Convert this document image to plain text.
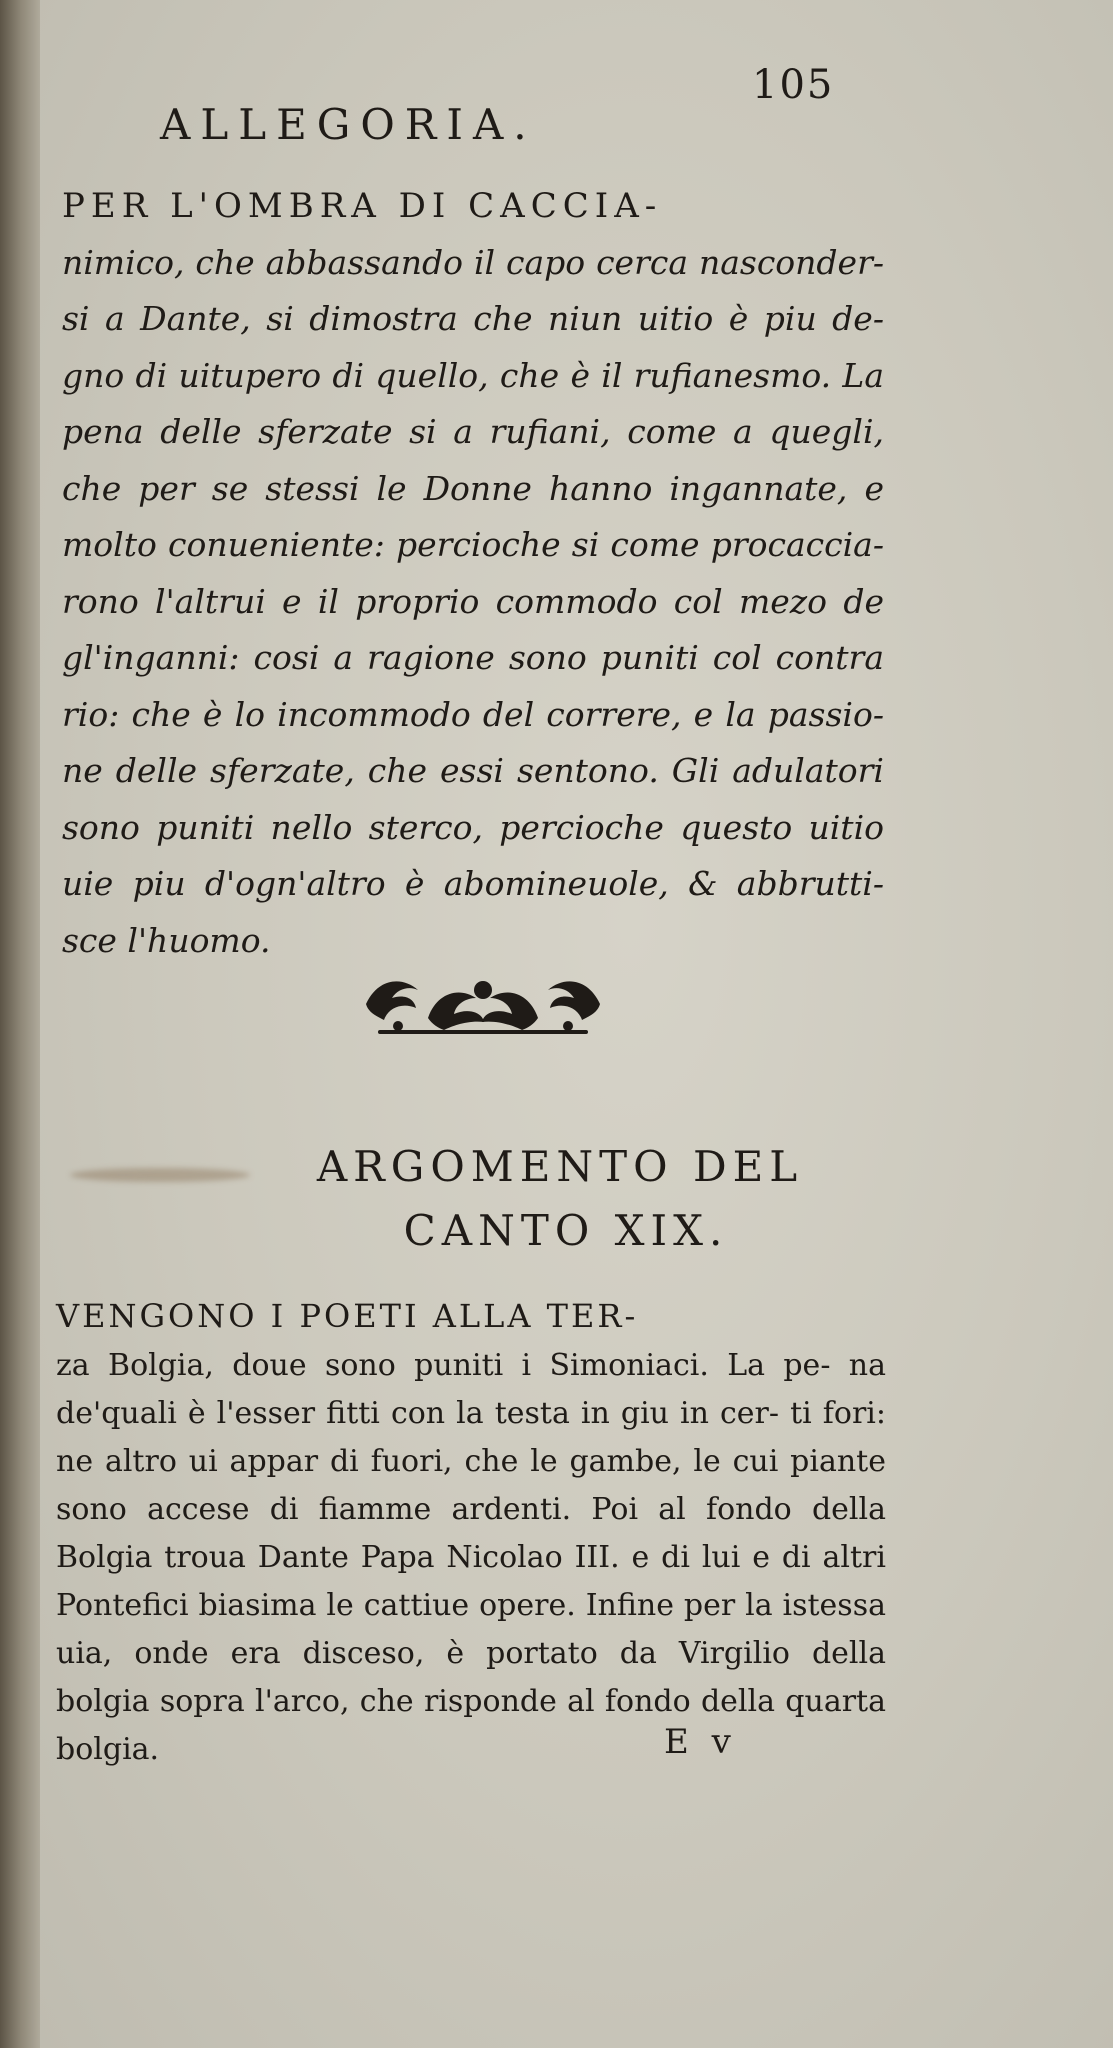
105
ALLEGORIA.

PER L'OMBRA DI CACCIA-
nimico, che abbassando il capo cerca nasconder- si a Dante, si dimostra che niun uitio è piu de- gno di uitupero di quello, che è il rufianesmo. La pena delle sferzate si a rufiani, come a quegli, che per se stessi le Donne hanno ingannate, e molto conueniente: percioche si come procaccia- rono l'altrui e il proprio commodo col mezo de gl'inganni: cosi a ragione sono puniti col contra rio: che è lo incommodo del correre, e la passio- ne delle sferzate, che essi sentono. Gli adulatori sono puniti nello sterco, percioche questo uitio uie piu d'ogn'altro è abomineuole, & abbrutti- sce l'huomo.

ARGOMENTO DEL
CANTO XIX.

VENGONO I POETI ALLA TER-
za Bolgia, doue sono puniti i Simoniaci. La pe- na de'quali è l'esser fitti con la testa in giu in cer- ti fori: ne altro ui appar di fuori, che le gambe, le cui piante sono accese di fiamme ardenti. Poi al fondo della Bolgia troua Dante Papa Nicolao III. e di lui e di altri Pontefici biasima le cattiue opere. Infine per la istessa uia, onde era disceso, è portato da Virgilio della bolgia sopra l'arco, che risponde al fondo della quarta bolgia.	E v
